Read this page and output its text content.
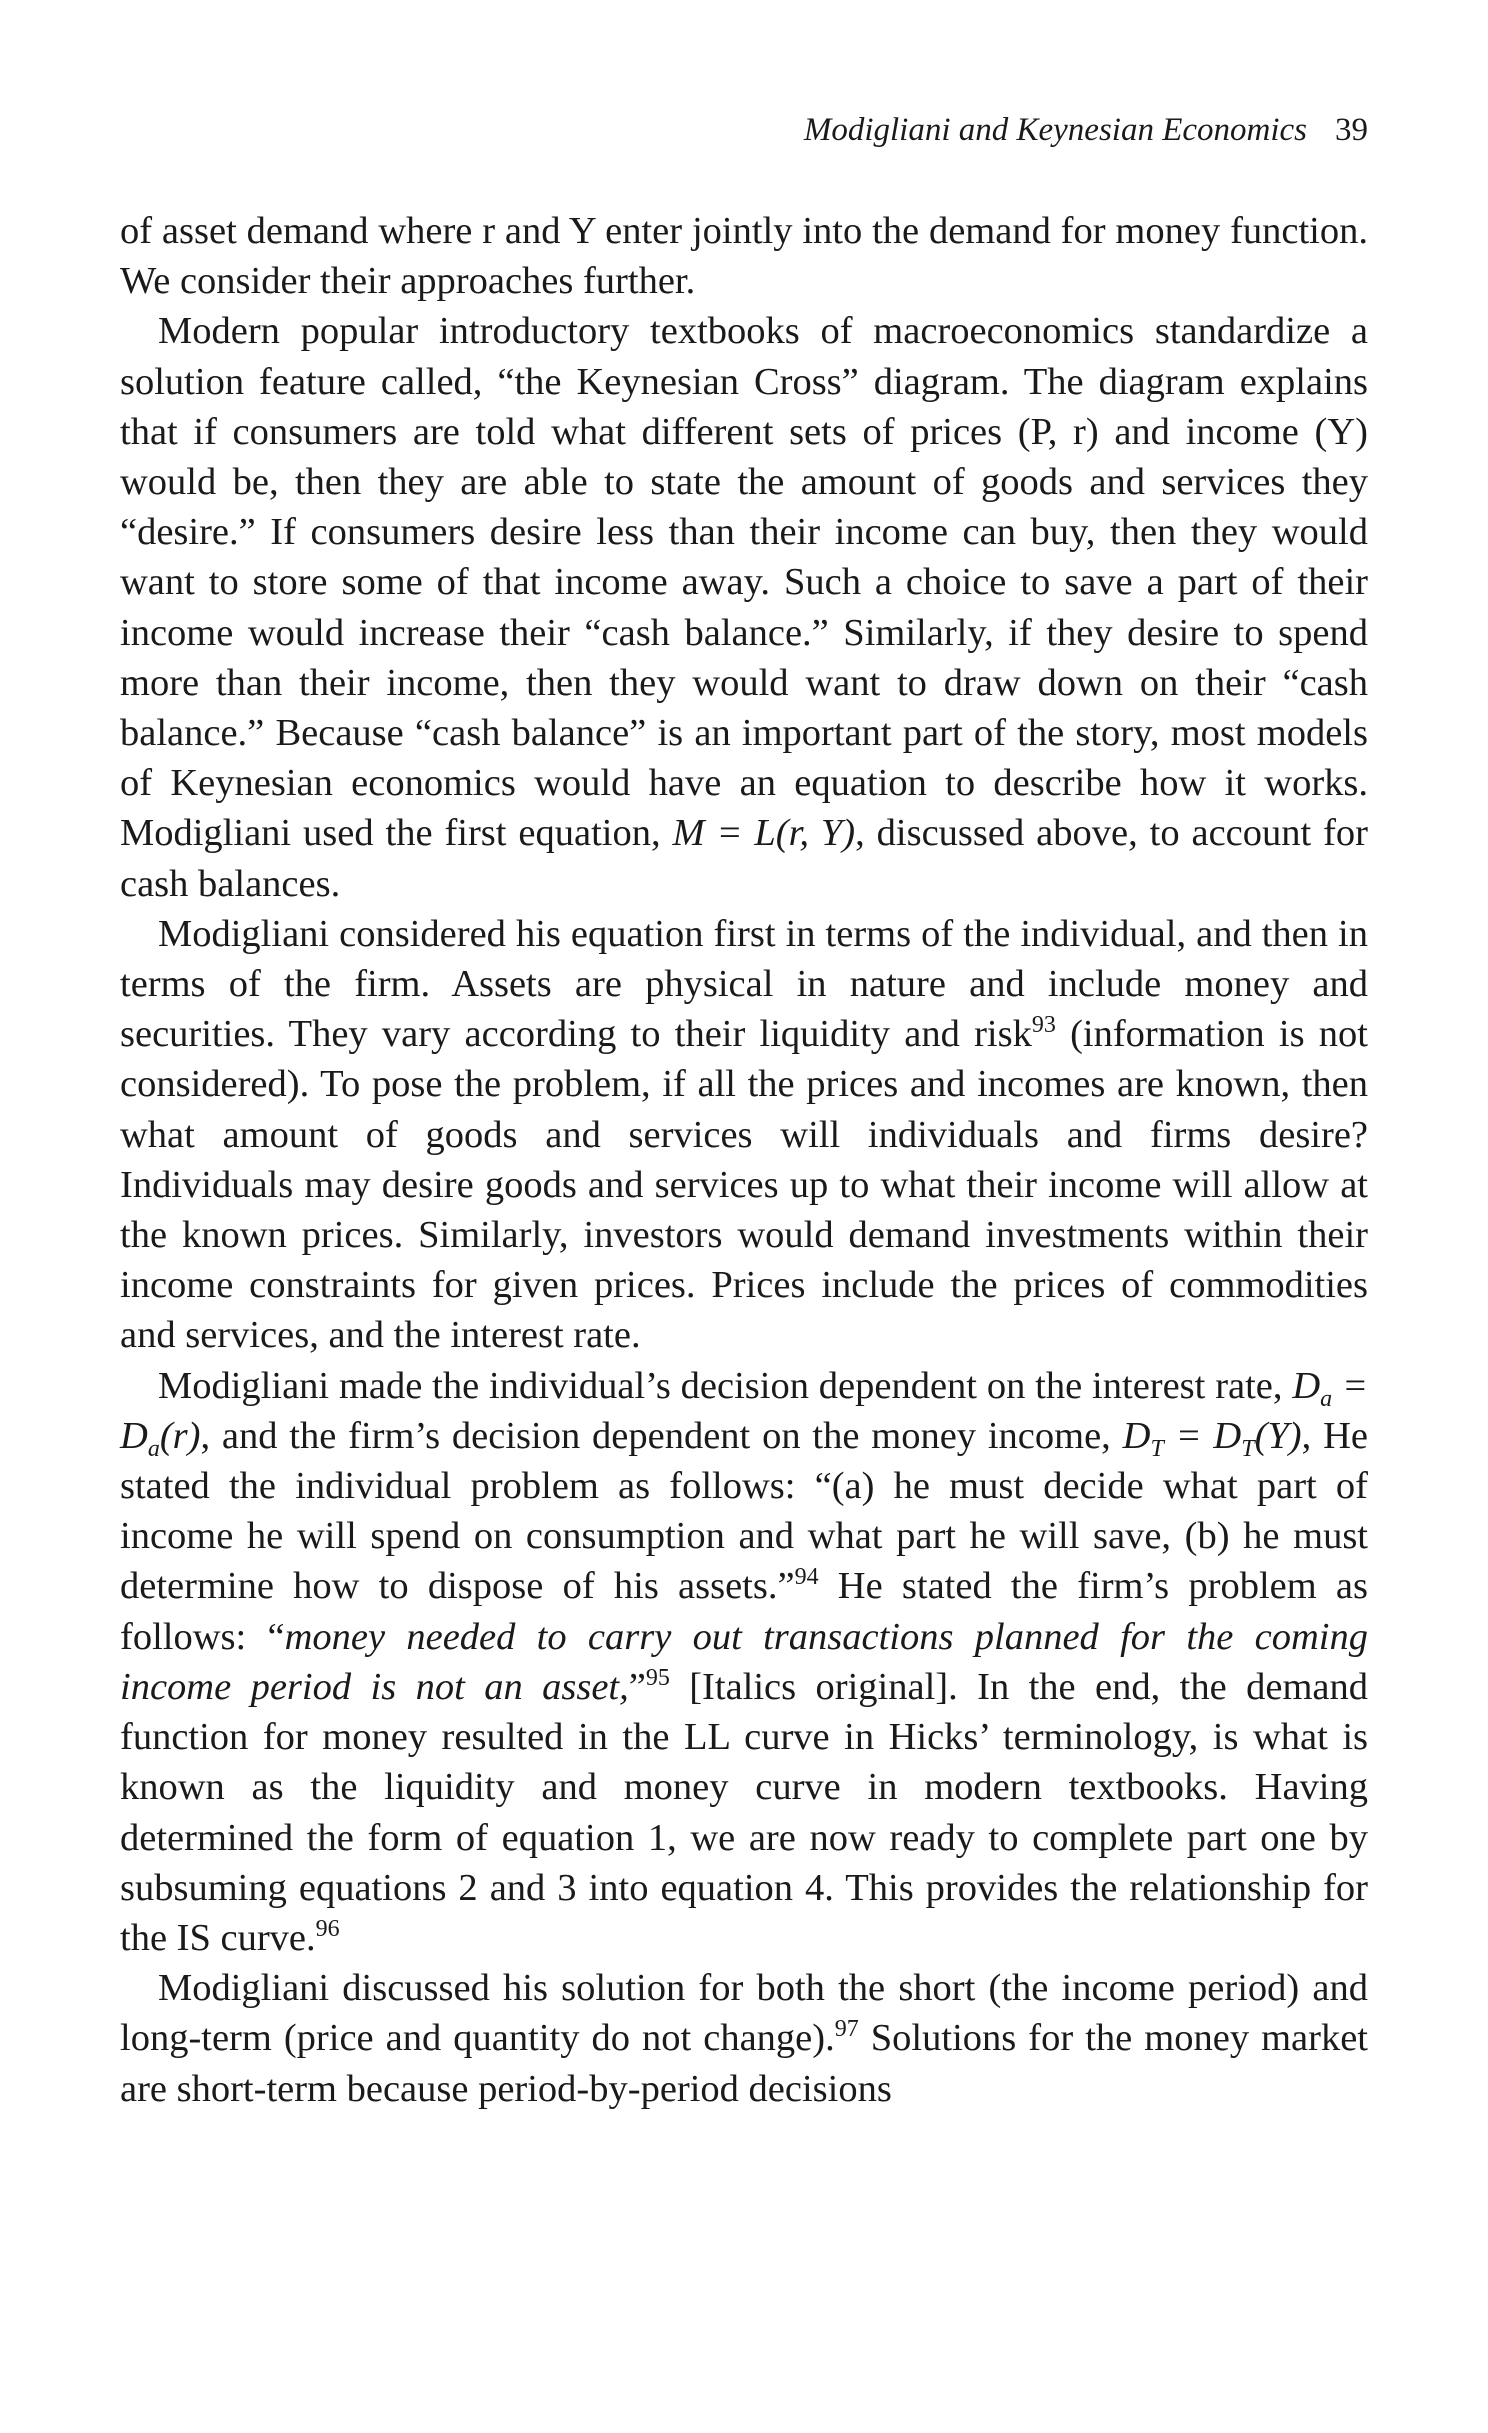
Modigliani and Keynesian Economics 39

of asset demand where r and Y enter jointly into the demand for money function. We consider their approaches further.

Modern popular introductory textbooks of macroeconomics standardize a solution feature called, “the Keynesian Cross” diagram. The diagram explains that if consumers are told what different sets of prices (P, r) and income (Y) would be, then they are able to state the amount of goods and services they “desire.” If consumers desire less than their income can buy, then they would want to store some of that income away. Such a choice to save a part of their income would increase their “cash balance.” Similarly, if they desire to spend more than their income, then they would want to draw down on their “cash balance.” Because “cash balance” is an important part of the story, most models of Keynesian economics would have an equation to describe how it works. Modigliani used the first equation, M = L(r, Y), discussed above, to account for cash balances.

Modigliani considered his equation first in terms of the individual, and then in terms of the firm. Assets are physical in nature and include money and securities. They vary according to their liquidity and risk$^{93}$ (information is not considered). To pose the problem, if all the prices and incomes are known, then what amount of goods and services will individuals and firms desire? Individuals may desire goods and services up to what their income will allow at the known prices. Similarly, investors would demand investments within their income constraints for given prices. Prices include the prices of commodities and services, and the interest rate.

Modigliani made the individual’s decision dependent on the interest rate, $D_a = D_a(r)$, and the firm’s decision dependent on the money income, $D_T = D_T(Y)$, He stated the individual problem as follows: “(a) he must decide what part of income he will spend on consumption and what part he will save, (b) he must determine how to dispose of his assets.”$^{94}$ He stated the firm’s problem as follows: “money needed to carry out transactions planned for the coming income period is not an asset,”$^{95}$ [Italics original]. In the end, the demand function for money resulted in the LL curve in Hicks’ terminology, is what is known as the liquidity and money curve in modern textbooks. Having determined the form of equation 1, we are now ready to complete part one by subsuming equations 2 and 3 into equation 4. This provides the relationship for the IS curve.$^{96}$

Modigliani discussed his solution for both the short (the income period) and long-term (price and quantity do not change).$^{97}$ Solutions for the money market are short-term because period-by-period decisions
